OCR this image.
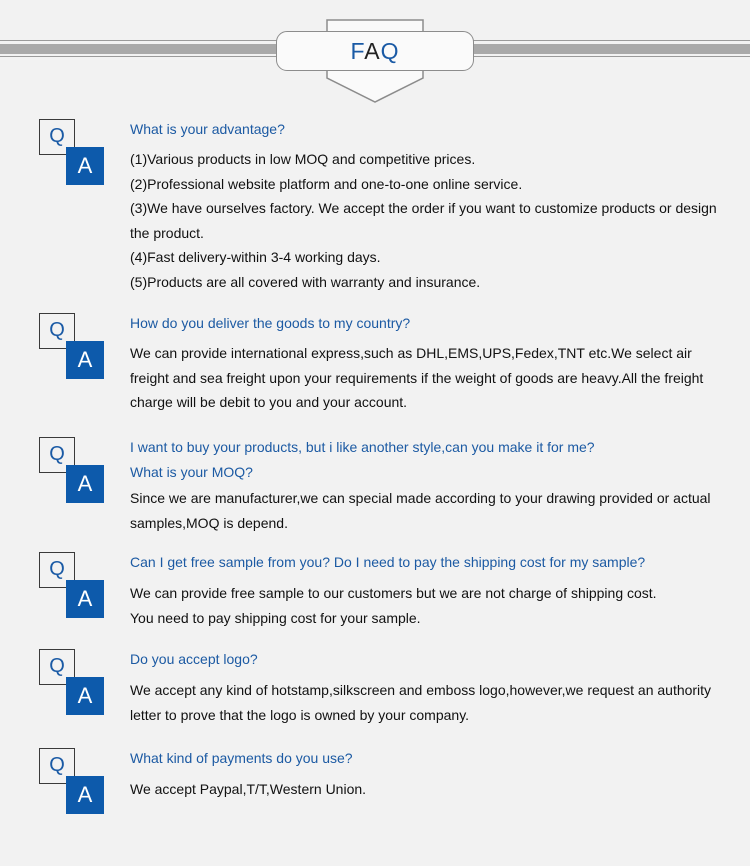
FAQ
Q
A
What is your advantage?

(1)Various products in low MOQ and competitive prices.

(2)Professional website platform and one-to-one online service.

(3)We have ourselves factory. We accept the order if you want to customize products or design the product.

(4)Fast delivery-within 3-4 working days.

(5)Products are all covered with warranty and insurance.

Q
A
How do you deliver the goods to my country?

We can provide international express,such as DHL,EMS,UPS,Fedex,TNT etc.We select air freight and sea freight upon your requirements if the weight of goods are heavy.All the freight charge will be debit to you and your account.

Q
A
I want to buy your products, but i like another style,can you make it for me?
What is your MOQ?

Since we are manufacturer,we can special made according to your drawing provided or actual samples,MOQ is depend.

Q
A
Can I get free sample from you? Do I need to pay the shipping cost for my sample?

We can provide free sample to our customers but we are not charge of shipping cost.

You need to pay shipping cost for your sample.

Q
A
Do you accept logo?

We accept any kind of hotstamp,silkscreen and emboss logo,however,we request an authority letter to prove that the logo is owned by your company.

Q
A
What kind of payments do you use?

We accept Paypal,T/T,Western Union.
